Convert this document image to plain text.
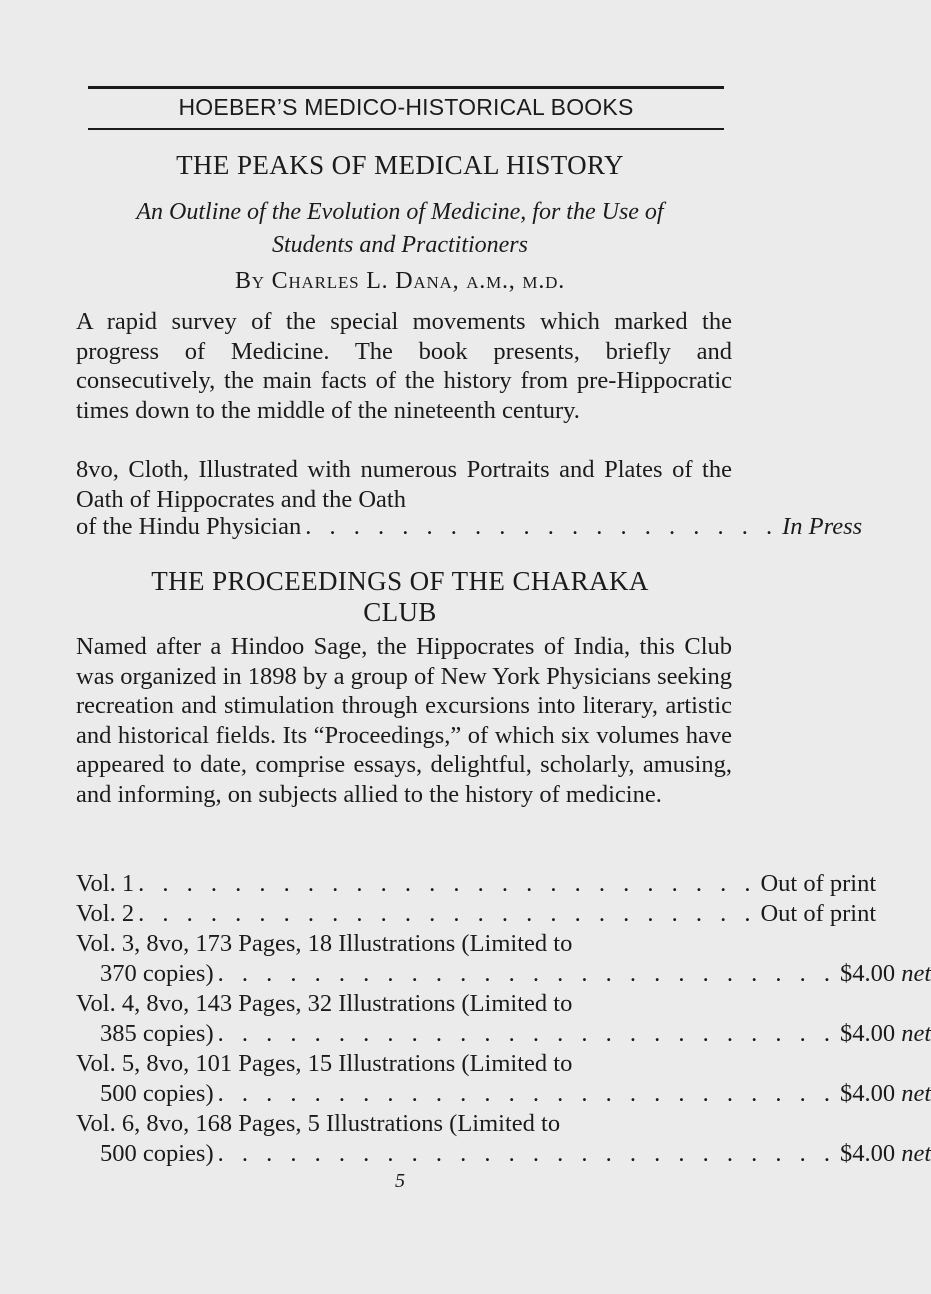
HOEBER’S MEDICO-HISTORICAL BOOKS
THE PEAKS OF MEDICAL HISTORY
An Outline of the Evolution of Medicine, for the Use of
Students and Practitioners
By Charles L. Dana, a.m., m.d.
A rapid survey of the special movements which marked the progress of Medicine. The book presents, briefly and consecutively, the main facts of the history from pre-Hippocratic times down to the middle of the nineteenth century.
8vo, Cloth, Illustrated with numerous Portraits and Plates of the Oath of Hippocrates and the Oath
of the Hindu Physician . . . . . . . . . . . . . . . . . . . . In Press
THE PROCEEDINGS OF THE CHARAKA
CLUB
Named after a Hindoo Sage, the Hippocrates of India, this Club was organized in 1898 by a group of New York Physicians seeking recreation and stimulation through excursions into literary, artistic and historical fields. Its “Proceedings,” of which six volumes have appeared to date, comprise essays, delightful, scholarly, amusing, and informing, on subjects allied to the history of medicine.
Vol. 1 . . . . . . . . . . . . . . . . . . . . . . . . . . Out of print
Vol. 2 . . . . . . . . . . . . . . . . . . . . . . . . . . Out of print
Vol. 3, 8vo, 173 Pages, 18 Illustrations (Limited to
370 copies) . . . . . . . . . . . . . . . . . . . . . . . . . . $4.00 net
Vol. 4, 8vo, 143 Pages, 32 Illustrations (Limited to
385 copies) . . . . . . . . . . . . . . . . . . . . . . . . . . $4.00 net
Vol. 5, 8vo, 101 Pages, 15 Illustrations (Limited to
500 copies) . . . . . . . . . . . . . . . . . . . . . . . . . . $4.00 net
Vol. 6, 8vo, 168 Pages, 5 Illustrations (Limited to
500 copies) . . . . . . . . . . . . . . . . . . . . . . . . . . $4.00 net
5
